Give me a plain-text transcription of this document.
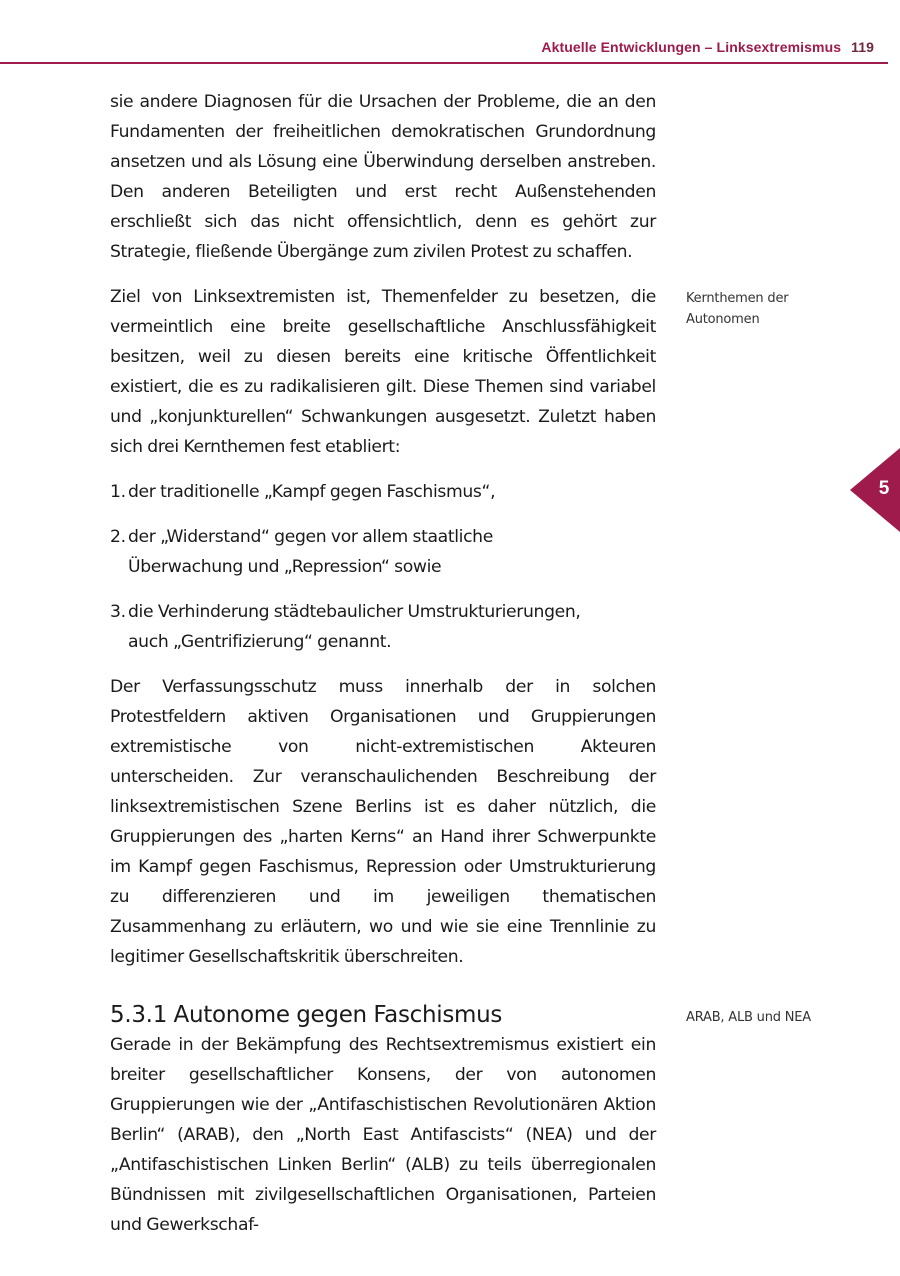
Aktuelle Entwicklungen – Linksextremismus 119
5

sie andere Diagnosen für die Ursachen der Probleme, die an den Fundamenten der freiheitlichen demokratischen Grundordnung ansetzen und als Lösung eine Überwindung derselben anstreben. Den anderen Beteiligten und erst recht Außenstehenden erschließt sich das nicht offensichtlich, denn es gehört zur Strategie, fließende Übergänge zum zivilen Protest zu schaffen.

Ziel von Linksextremisten ist, Themenfelder zu besetzen, die vermeintlich eine breite gesellschaftliche Anschlussfähigkeit besitzen, weil zu diesen bereits eine kritische Öffentlichkeit existiert, die es zu radikalisieren gilt. Diese Themen sind variabel und „konjunkturellen“ Schwankungen ausgesetzt. Zuletzt haben sich drei Kernthemen fest etabliert:

1. der traditionelle „Kampf gegen Faschismus“,
2. der „Widerstand“ gegen vor allem staatliche Überwachung und „Repression“ sowie
3. die Verhinderung städtebaulicher Umstrukturierungen, auch „Gentrifizierung“ genannt.

Der Verfassungsschutz muss innerhalb der in solchen Protestfeldern aktiven Organisationen und Gruppierungen extremistische von nicht-extremistischen Akteuren unterscheiden. Zur veranschaulichenden Beschreibung der linksextremistischen Szene Berlins ist es daher nützlich, die Gruppierungen des „harten Kerns“ an Hand ihrer Schwerpunkte im Kampf gegen Faschismus, Repression oder Umstrukturierung zu differenzieren und im jeweiligen thematischen Zusammenhang zu erläutern, wo und wie sie eine Trennlinie zu legitimer Gesellschaftskritik überschreiten.

5.3.1 Autonome gegen Faschismus

Gerade in der Bekämpfung des Rechtsextremismus existiert ein breiter gesellschaftlicher Konsens, der von autonomen Gruppierungen wie der „Antifaschistischen Revolutionären Aktion Berlin“ (ARAB), den „North East Antifascists“ (NEA) und der „Antifaschistischen Linken Berlin“ (ALB) zu teils überregionalen Bündnissen mit zivilgesellschaftlichen Organisationen, Parteien und Gewerkschaf-

Kernthemen der Autonomen
ARAB, ALB und NEA
